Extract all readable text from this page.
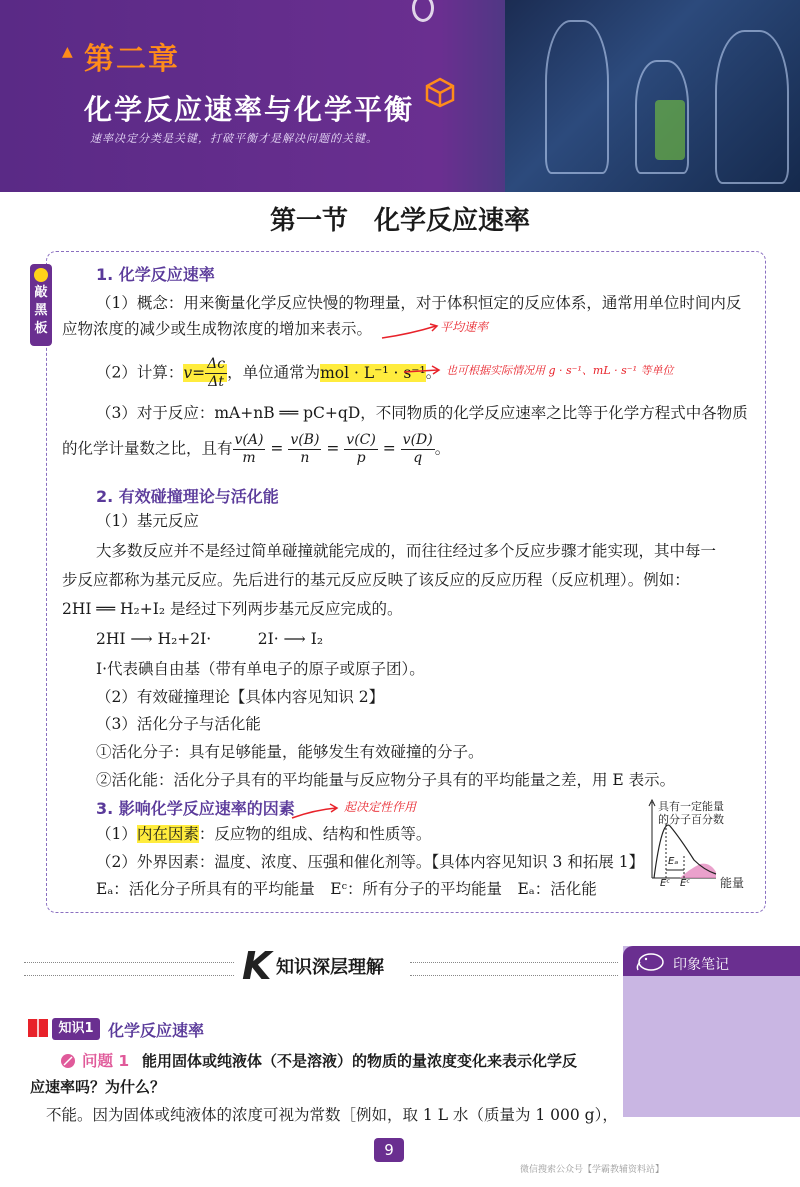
▲ 第二章
化学反应速率与化学平衡
速率决定分类是关键，打破平衡才是解决问题的关键。
第一节　化学反应速率
敲黑板
1. 化学反应速率
（1）概念：用来衡量化学反应快慢的物理量，对于体积恒定的反应体系，通常用单位时间内反
应物浓度的减少或生成物浓度的增加来表示。	平均速率
（2）计算：$v= \frac{\Delta c}{\Delta t}$ ，单位通常为mol · L⁻¹ · s⁻¹。 也可根据实际情况用 g · s⁻¹、mL · s⁻¹ 等单位
（3）对于反应：mA+nB ══ pC+qD，不同物质的化学反应速率之比等于化学方程式中各物质
的化学计量数之比，且有 $\frac{v(A)}{m} = \frac{v(B)}{n} = \frac{v(C)}{p} = \frac{v(D)}{q}$ 。
2. 有效碰撞理论与活化能
（1）基元反应
大多数反应并不是经过简单碰撞就能完成的，而往往经过多个反应步骤才能实现，其中每一
步反应都称为基元反应。先后进行的基元反应反映了该反应的反应历程（反应机理）。例如：
2HI ══ H₂+I₂ 是经过下列两步基元反应完成的。
2HI ⟶ H₂+2I·　　　2I· ⟶ I₂
I·代表碘自由基（带有单电子的原子或原子团）。
（2）有效碰撞理论【具体内容见知识 2】
（3）活化分子与活化能
①活化分子：具有足够能量，能够发生有效碰撞的分子。
②活化能：活化分子具有的平均能量与反应物分子具有的平均能量之差，用 E 表示。
3. 影响化学反应速率的因素	起决定性作用
（1）内在因素：反应物的组成、结构和性质等。
（2）外界因素：温度、浓度、压强和催化剂等。【具体内容见知识 3 和拓展 1】
Eₐ：活化分子所具有的平均能量　Eᶜ：所有分子的平均能量　Eₐ：活化能
具有一定能量
的分子百分数
Eₐ
Eᶜ Eᶜ 能量
K 知识深层理解	印象笔记
知识1 化学反应速率
问题 1 能用固体或纯液体（不是溶液）的物质的量浓度变化来表示化学反
应速率吗？为什么？
不能。因为固体或纯液体的浓度可视为常数［例如，取 1 L 水（质量为 1 000 g），
9
微信搜索公众号【学霸教辅资料站】
